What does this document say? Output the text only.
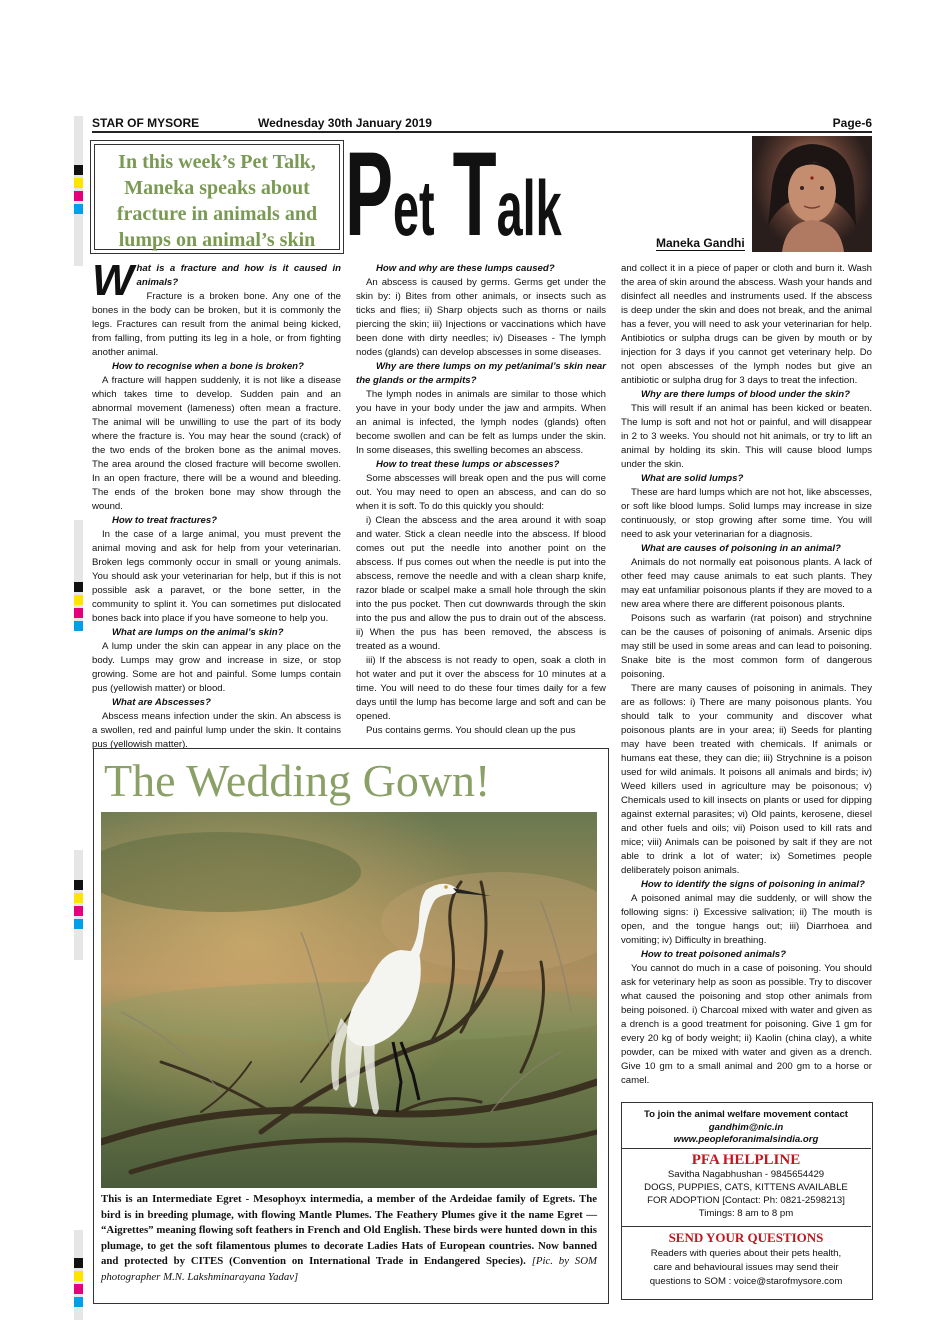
STAR OF MYSORE	Wednesday 30th January 2019	Page-6
In this week’s Pet Talk,
Maneka speaks about
fracture in animals and
lumps on animal’s skin Pet Talk	Maneka Gandhi

What is a fracture and how is it caused in animals?

Fracture is a broken bone. Any one of the bones in the body can be broken, but it is commonly the legs. Fractures can result from the animal being kicked, from falling, from putting its leg in a hole, or from fighting another animal.

How to recognise when a bone is broken?

A fracture will happen suddenly, it is not like a disease which takes time to develop. Sudden pain and an abnormal movement (lameness) often mean a fracture. The animal will be unwilling to use the part of its body where the fracture is. You may hear the sound (crack) of the two ends of the broken bone as the animal moves. The area around the closed fracture will become swollen. In an open fracture, there will be a wound and bleeding. The ends of the broken bone may show through the wound.

How to treat fractures?

In the case of a large animal, you must prevent the animal moving and ask for help from your veterinarian. Broken legs commonly occur in small or young animals. You should ask your veterinarian for help, but if this is not possible ask a paravet, or the bone setter, in the community to splint it. You can sometimes put dislocated bones back into place if you have someone to help you.

What are lumps on the animal’s skin?

A lump under the skin can appear in any place on the body. Lumps may grow and increase in size, or stop growing. Some are hot and painful. Some lumps contain pus (yellowish matter) or blood.

What are Abscesses?

Abscess means infection under the skin. An abscess is a swollen, red and painful lump under the skin. It contains pus (yellowish matter).

How and why are these lumps caused?

An abscess is caused by germs. Germs get under the skin by: i) Bites from other animals, or insects such as ticks and flies; ii) Sharp objects such as thorns or nails piercing the skin; iii) Injections or vaccinations which have been done with dirty needles; iv) Diseases - The lymph nodes (glands) can develop abscesses in some diseases.

Why are there lumps on my pet/animal’s skin near the glands or the armpits?

The lymph nodes in animals are similar to those which you have in your body under the jaw and armpits. When an animal is infected, the lymph nodes (glands) often become swollen and can be felt as lumps under the skin. In some diseases, this swelling becomes an abscess.

How to treat these lumps or abscesses?

Some abscesses will break open and the pus will come out. You may need to open an abscess, and can do so when it is soft. To do this quickly you should:

i) Clean the abscess and the area around it with soap and water. Stick a clean needle into the abscess. If blood comes out put the needle into another point on the abscess. If pus comes out when the needle is put into the abscess, remove the needle and with a clean sharp knife, razor blade or scalpel make a small hole through the skin into the pus pocket. Then cut downwards through the skin into the pus and allow the pus to drain out of the abscess. ii) When the pus has been removed, the abscess is treated as a wound.

iii) If the abscess is not ready to open, soak a cloth in hot water and put it over the abscess for 10 minutes at a time. You will need to do these four times daily for a few days until the lump has become large and soft and can be opened.

Pus contains germs. You should clean up the pus

and collect it in a piece of paper or cloth and burn it. Wash the area of skin around the abscess. Wash your hands and disinfect all needles and instruments used. If the abscess is deep under the skin and does not break, and the animal has a fever, you will need to ask your veterinarian for help. Antibiotics or sulpha drugs can be given by mouth or by injection for 3 days if you cannot get veterinary help. Do not open abscesses of the lymph nodes but give an antibiotic or sulpha drug for 3 days to treat the infection.

Why are there lumps of blood under the skin?

This will result if an animal has been kicked or beaten. The lump is soft and not hot or painful, and will disappear in 2 to 3 weeks. You should not hit animals, or try to lift an animal by holding its skin. This will cause blood lumps under the skin.

What are solid lumps?

These are hard lumps which are not hot, like abscesses, or soft like blood lumps. Solid lumps may increase in size continuously, or stop growing after some time. You will need to ask your veterinarian for a diagnosis.

What are causes of poisoning in an animal?

Animals do not normally eat poisonous plants. A lack of other feed may cause animals to eat such plants. They may eat unfamiliar poisonous plants if they are moved to a new area where there are different poisonous plants.

Poisons such as warfarin (rat poison) and strychnine can be the causes of poisoning of animals. Arsenic dips may still be used in some areas and can lead to poisoning. Snake bite is the most common form of dangerous poisoning.

There are many causes of poisoning in animals. They are as follows: i) There are many poisonous plants. You should talk to your community and discover what poisonous plants are in your area; ii) Seeds for planting may have been treated with chemicals. If animals or humans eat these, they can die; iii) Strychnine is a poison used for wild animals. It poisons all animals and birds; iv) Weed killers used in agriculture may be poisonous; v) Chemicals used to kill insects on plants or used for dipping against external parasites; vi) Old paints, kerosene, diesel and other fuels and oils; vii) Poison used to kill rats and mice; viii) Animals can be poisoned by salt if they are not able to drink a lot of water; ix) Sometimes people deliberately poison animals.

How to identify the signs of poisoning in animal?

A poisoned animal may die suddenly, or will show the following signs: i) Excessive salivation; ii) The mouth is open, and the tongue hangs out; iii) Diarrhoea and vomiting; iv) Difficulty in breathing.

How to treat poisoned animals?

You cannot do much in a case of poisoning. You should ask for veterinary help as soon as possible. Try to discover what caused the poisoning and stop other animals from being poisoned. i) Charcoal mixed with water and given as a drench is a good treatment for poisoning. Give 1 gm for every 20 kg of body weight; ii) Kaolin (china clay), a white powder, can be mixed with water and given as a drench. Give 10 gm to a small animal and 200 gm to a horse or camel.

The Wedding Gown!
This is an Intermediate Egret - Mesophoyx intermedia, a member of the Ardeidae family of Egrets. The bird is in breeding plumage, with flowing Mantle Plumes. The Feathery Plumes give it the name Egret — “Aigrettes” meaning flowing soft feathers in French and Old English. These birds were hunted down in this plumage, to get the soft filamentous plumes to decorate Ladies Hats of European countries. Now banned and protected by CITES (Convention on International Trade in Endangered Species). [Pic. by SOM photographer M.N. Lakshminarayana Yadav]
To join the animal welfare movement contact
gandhim@nic.in
www.peopleforanimalsindia.org
PFA HELPLINE
Savitha Nagabhushan - 9845654429
DOGS, PUPPIES, CATS, KITTENS AVAILABLE
FOR ADOPTION [Contact: Ph: 0821-2598213]
Timings: 8 am to 8 pm
SEND YOUR QUESTIONS
Readers with queries about their pets health,
care and behavioural issues may send their
questions to SOM : voice@starofmysore.com
